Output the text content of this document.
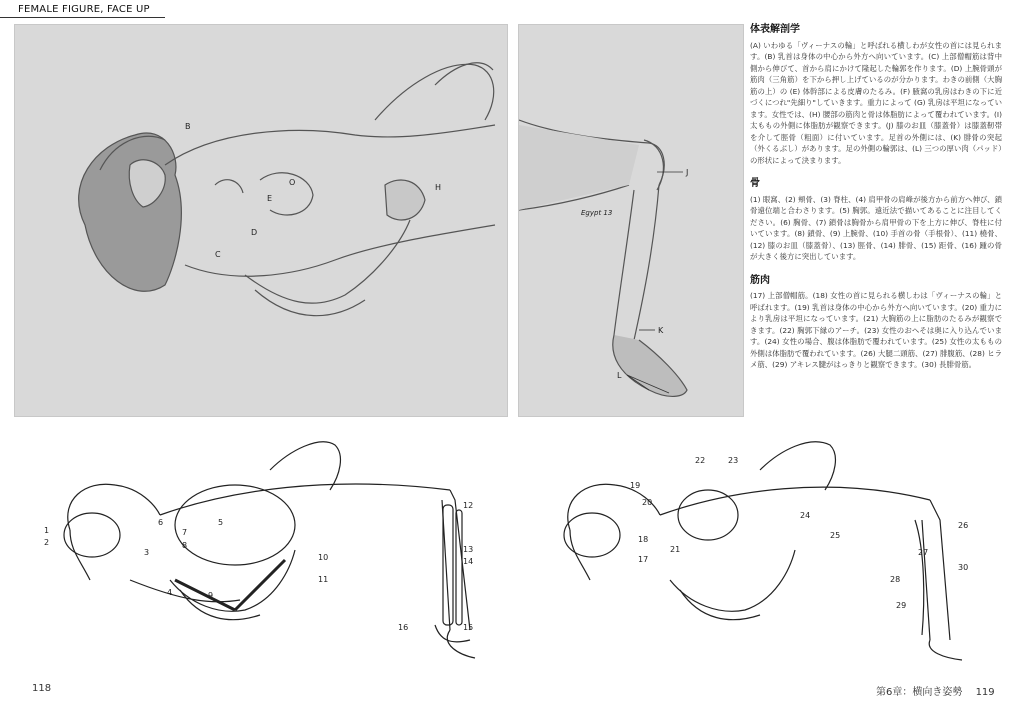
FEMALE FIGURE, FACE UP
B
O
E
H
D
C
Egypt 13
J
K
L
体表解剖学

(A) いわゆる「ヴィーナスの輪」と呼ばれる横しわが女性の首には見られます。(B) 乳首は身体の中心から外方へ向いています。(C) 上部僧帽筋は背中側から伸びて、首から肩にかけて隆起した輪郭を作ります。(D) 上腕骨頭が筋肉（三角筋）を下から押し上げているのが分かります。わきの前側（大胸筋の上）の (E) 体幹部による皮膚のたるみ。(F) 腋窩の乳房はわきの下に近づくにつれ"先細り"していきます。重力によって (G) 乳房は平坦になっています。女性では、(H) 腰部の筋肉と骨は体脂肪によって覆われています。(I) 太ももの外側に体脂肪が観察できます。(J) 膝のお皿（膝蓋骨）は膝蓋靭帯を介して脛骨（粗面）に付いています。足首の外側には、(K) 腓骨の突起（外くるぶし）があります。足の外側の輪郭は、(L) 三つの厚い肉（パッド）の形状によって決まります。

骨

(1) 眼窩、(2) 頬骨、(3) 脊柱、(4) 肩甲骨の肩峰が後方から前方へ伸び、鎖骨遠位端と合わさります。(5) 胸郭。遠近法で描いてあることに注目してください。(6) 胸骨、(7) 鎖骨は胸骨から肩甲骨の下を上方に伸び、脊柱に付いています。(8) 鎖骨、(9) 上腕骨、(10) 手首の骨（手根骨）、(11) 橈骨、(12) 膝のお皿（膝蓋骨）、(13) 脛骨、(14) 腓骨、(15) 距骨、(16) 踵の骨が大きく後方に突出しています。

筋肉

(17) 上部僧帽筋。(18) 女性の首に見られる横しわは「ヴィーナスの輪」と呼ばれます。(19) 乳首は身体の中心から外方へ向いています。(20) 重力により乳房は平坦になっています。(21) 大胸筋の上に脂肪のたるみが観察できます。(22) 胸郭下縁のアーチ。(23) 女性のおへそは奥に入り込んでいます。(24) 女性の場合、腹は体脂肪で覆われています。(25) 女性の太ももの外側は体脂肪で覆われています。(26) 大腿二頭筋、(27) 腓腹筋、(28) ヒラメ筋、(29) アキレス腱がはっきりと観察できます。(30) 長腓骨筋。

1
2
3
4
5
6
7
8
9
10
11
12
13
14
15
16
19
20
18
17
21
22	23
24
25
26
27
28
29
30
118	第6章：横向き姿勢 119
